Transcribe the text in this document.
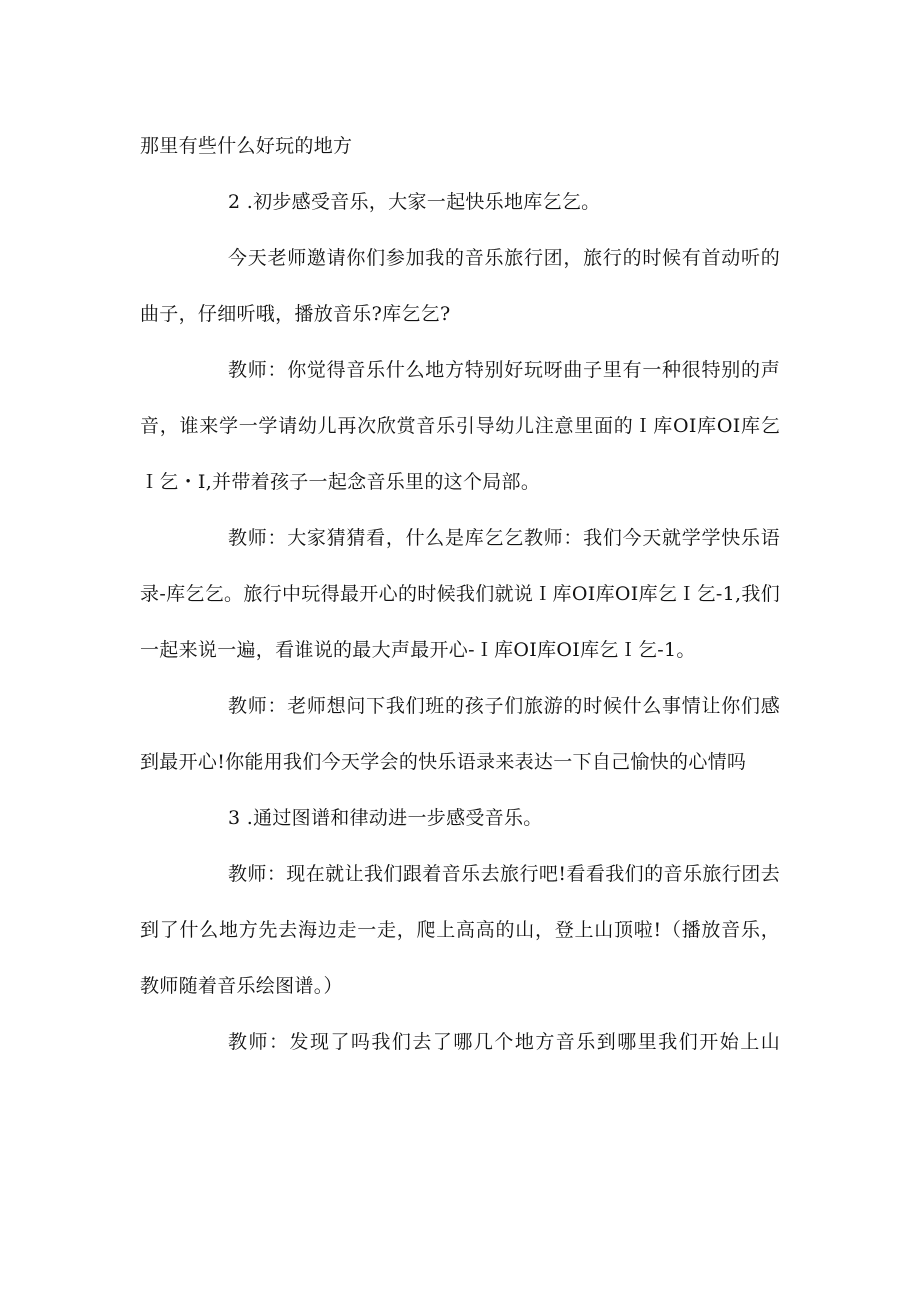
那里有些什么好玩的地方

2 .初步感受音乐，大家一起快乐地库乞乞。

今天老师邀请你们参加我的音乐旅行团，旅行的时候有首动听的曲子，仔细听哦，播放音乐?库乞乞?

教师：你觉得音乐什么地方特别好玩呀曲子里有一种很特别的声音，谁来学一学请幼儿再次欣赏音乐引导幼儿注意里面的Ｉ库OI库OI库乞Ｉ乞・I,并带着孩子一起念音乐里的这个局部。

教师：大家猜猜看，什么是库乞乞教师：我们今天就学学快乐语录-库乞乞。旅行中玩得最开心的时候我们就说Ｉ库OI库OI库乞Ｉ乞-1,我们一起来说一遍，看谁说的最大声最开心-Ｉ库OI库OI库乞Ｉ乞-1。

教师：老师想问下我们班的孩子们旅游的时候什么事情让你们感到最开心!你能用我们今天学会的快乐语录来表达一下自己愉快的心情吗

3 .通过图谱和律动进一步感受音乐。

教师：现在就让我们跟着音乐去旅行吧!看看我们的音乐旅行团去到了什么地方先去海边走一走，爬上高高的山，登上山顶啦!（播放音乐，教师随着音乐绘图谱。）

教师：发现了吗我们去了哪几个地方音乐到哪里我们开始上山
